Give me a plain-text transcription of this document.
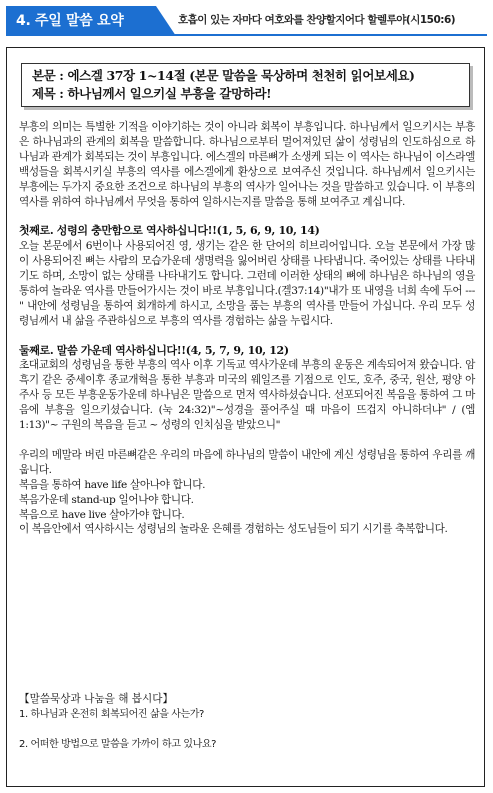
4. 주일 말씀 요약	호흡이 있는 자마다 여호와를 찬양할지어다 할렐루야(시150:6)
본문 : 에스겔 37장 1~14절 (본문 말씀을 묵상하며 천천히 읽어보세요)
제목 : 하나님께서 일으키실 부흥을 갈망하라!

부흥의 의미는 특별한 기적을 이야기하는 것이 아니라 회복이 부흥입니다. 하나님께서 일으키시는 부흥은 하나님과의 관계의 회복을 말씀합니다. 하나님으로부터 멀어져있던 삶이 성령님의 인도하심으로 하나님과 관계가 회복되는 것이 부흥입니다. 에스겔의 마른뼈가 소생케 되는 이 역사는 하나님이 이스라엘 백성들을 회복시키실 부흥의 역사를 에스겔에게 환상으로 보여주신 것입니다. 하나님께서 일으키시는 부흥에는 두가지 중요한 조건으로 하나님의 부흥의 역사가 일어나는 것을 말씀하고 있습니다. 이 부흥의 역사를 위하여 하나님께서 무엇을 통하여 일하시는지를 말씀을 통해 보여주고 계십니다.

첫째로. 성령의 충만함으로 역사하십니다!!(1, 5, 6, 9, 10, 14)

오늘 본문에서 6번이나 사용되어진 영, 생기는 같은 한 단어의 히브리어입니다. 오늘 본문에서 가장 많이 사용되어진 뼈는 사람의 모습가운데 생명력을 잃어버린 상태를 나타냅니다. 죽어있는 상태를 나타내기도 하며, 소망이 없는 상태를 나타내기도 합니다. 그런데 이러한 상태의 뼈에 하나님은 하나님의 영을 통하여 놀라운 역사를 만들어가시는 것이 바로 부흥입니다.(겔37:14)"내가 또 내영을 너희 속에 두어 ---" 내안에 성령님을 통하여 회개하게 하시고, 소망을 품는 부흥의 역사를 만들어 가십니다. 우리 모두 성령님께서 내 삶을 주관하심으로 부흥의 역사를 경험하는 삶을 누립시다.

둘째로. 말씀 가운데 역사하십니다!!(4, 5, 7, 9, 10, 12)

초대교회의 성령님을 통한 부흥의 역사 이후 기독교 역사가운데 부흥의 운동은 계속되어져 왔습니다. 암흑기 같은 중세이후 종교개혁을 통한 부흥과 미국의 웨일즈를 기점으로 인도, 호주, 중국, 원산, 평양 아주사 등 모든 부흥운동가운데 하나님은 말씀으로 먼저 역사하셨습니다. 선포되어진 복음을 통하여 그 마음에 부흥을 일으키셨습니다. (눅 24:32)"~성경을 풀어주실 때 마음이 뜨겁지 아니하더냐" / (엡 1:13)"~ 구원의 복음을 듣고 ~ 성령의 인치심을 받았으니"

우리의 메말라 버린 마른뼈같은 우리의 마음에 하나님의 말씀이 내안에 계신 성령님을 통하여 우리를 깨웁니다.

복음을 통하여 have life 살아나야 합니다.

복음가운데 stand-up 일어나야 합니다.

복음으로 have live 살아가야 합니다.

이 복음안에서 역사하시는 성령님의 놀라운 은혜를 경험하는 성도님들이 되기 시기를 축복합니다.

【말씀묵상과 나눔을 해 봅시다】

1. 하나님과 온전히 회복되어진 삶을 사는가?

2. 어떠한 방법으로 말씀을 가까이 하고 있나요?
